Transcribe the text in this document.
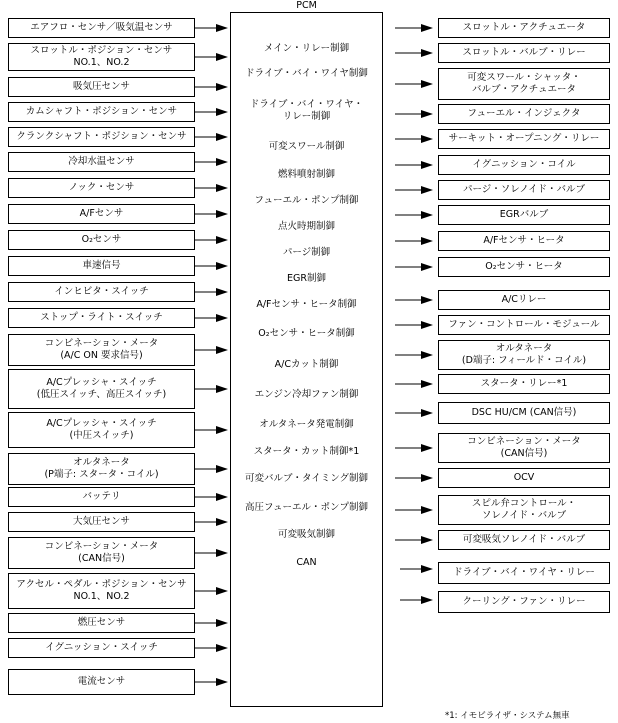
PCM
メイン・リレー制御
ドライブ・バイ・ワイヤ制御
ドライブ・バイ・ワイヤ・
リレー制御
可変スワール制御
燃料噴射制御
フューエル・ポンプ制御
点火時期制御
パージ制御
EGR制御
A/Fセンサ・ヒータ制御
O₂センサ・ヒータ制御
A/Cカット制御
エンジン冷却ファン制御
オルタネータ発電制御
スタータ・カット制御*1
可変バルブ・タイミング制御
高圧フューエル・ポンプ制御
可変吸気制御
CAN
エアフロ・センサ／吸気温センサ
スロットル・ポジション・センサ
NO.1、NO.2
吸気圧センサ
カムシャフト・ポジション・センサ
クランクシャフト・ポジション・センサ
冷却水温センサ
ノック・センサ
A/Fセンサ
O₂センサ
車速信号
インヒビタ・スイッチ
ストップ・ライト・スイッチ
コンビネーション・メータ
(A/C ON 要求信号)
A/Cプレッシャ・スイッチ
(低圧スイッチ、高圧スイッチ)
A/Cプレッシャ・スイッチ
(中圧スイッチ)
オルタネータ
(P端子: スタータ・コイル)
バッテリ
大気圧センサ
コンビネーション・メータ
(CAN信号)
アクセル・ペダル・ポジション・センサ
NO.1、NO.2
燃圧センサ
イグニッション・スイッチ
電流センサ
スロットル・アクチュエータ
スロットル・バルブ・リレー
可変スワール・シャッタ・
バルブ・アクチュエータ
フューエル・インジェクタ
サーキット・オープニング・リレー
イグニッション・コイル
パージ・ソレノイド・バルブ
EGRバルブ
A/Fセンサ・ヒータ
O₂センサ・ヒータ
A/Cリレー
ファン・コントロール・モジュール
オルタネータ
(D端子: フィールド・コイル)
スタータ・リレー*1
DSC HU/CM (CAN信号)
コンビネーション・メータ
(CAN信号)
OCV
スピル弁コントロール・
ソレノイド・バルブ
可変吸気ソレノイド・バルブ
ドライブ・バイ・ワイヤ・リレー
クーリング・ファン・リレー
*1: イモビライザ・システム無車
